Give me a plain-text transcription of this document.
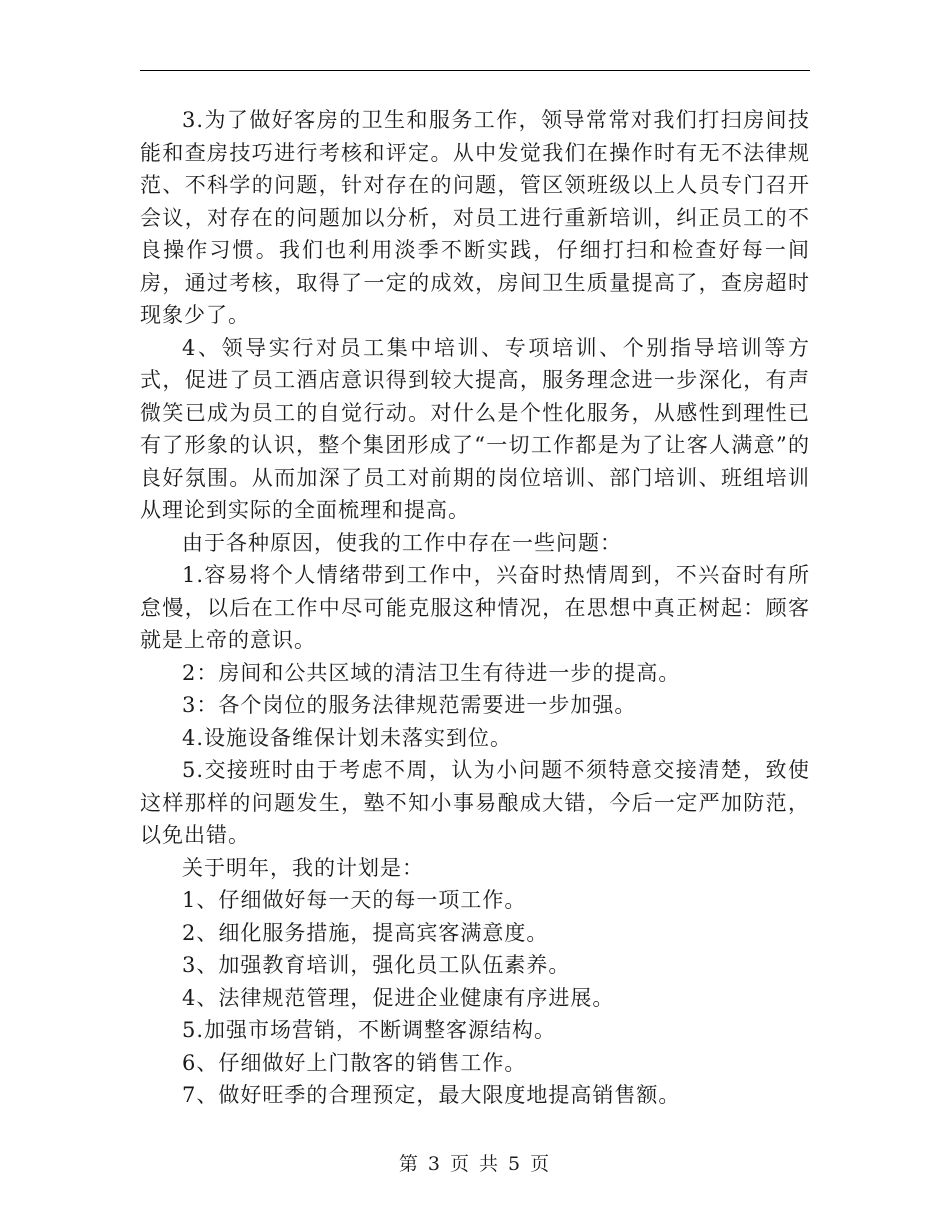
3.为了做好客房的卫生和服务工作，领导常常对我们打扫房间技能和查房技巧进行考核和评定。从中发觉我们在操作时有无不法律规范、不科学的问题，针对存在的问题，管区领班级以上人员专门召开会议，对存在的问题加以分析，对员工进行重新培训，纠正员工的不良操作习惯。我们也利用淡季不断实践，仔细打扫和检查好每一间房，通过考核，取得了一定的成效，房间卫生质量提高了，查房超时现象少了。

4、领导实行对员工集中培训、专项培训、个别指导培训等方式，促进了员工酒店意识得到较大提高，服务理念进一步深化，有声微笑已成为员工的自觉行动。对什么是个性化服务，从感性到理性已有了形象的认识，整个集团形成了“一切工作都是为了让客人满意”的良好氛围。从而加深了员工对前期的岗位培训、部门培训、班组培训从理论到实际的全面梳理和提高。

由于各种原因，使我的工作中存在一些问题：

1.容易将个人情绪带到工作中，兴奋时热情周到，不兴奋时有所怠慢，以后在工作中尽可能克服这种情况，在思想中真正树起：顾客就是上帝的意识。

2：房间和公共区域的清洁卫生有待进一步的提高。

3：各个岗位的服务法律规范需要进一步加强。

4.设施设备维保计划未落实到位。

5.交接班时由于考虑不周，认为小问题不须特意交接清楚，致使这样那样的问题发生，塾不知小事易酿成大错，今后一定严加防范，以免出错。

关于明年，我的计划是：

1、仔细做好每一天的每一项工作。

2、细化服务措施，提高宾客满意度。

3、加强教育培训，强化员工队伍素养。

4、法律规范管理，促进企业健康有序进展。

5.加强市场营销，不断调整客源结构。

6、仔细做好上门散客的销售工作。

7、做好旺季的合理预定，最大限度地提高销售额。

第 3 页 共 5 页
